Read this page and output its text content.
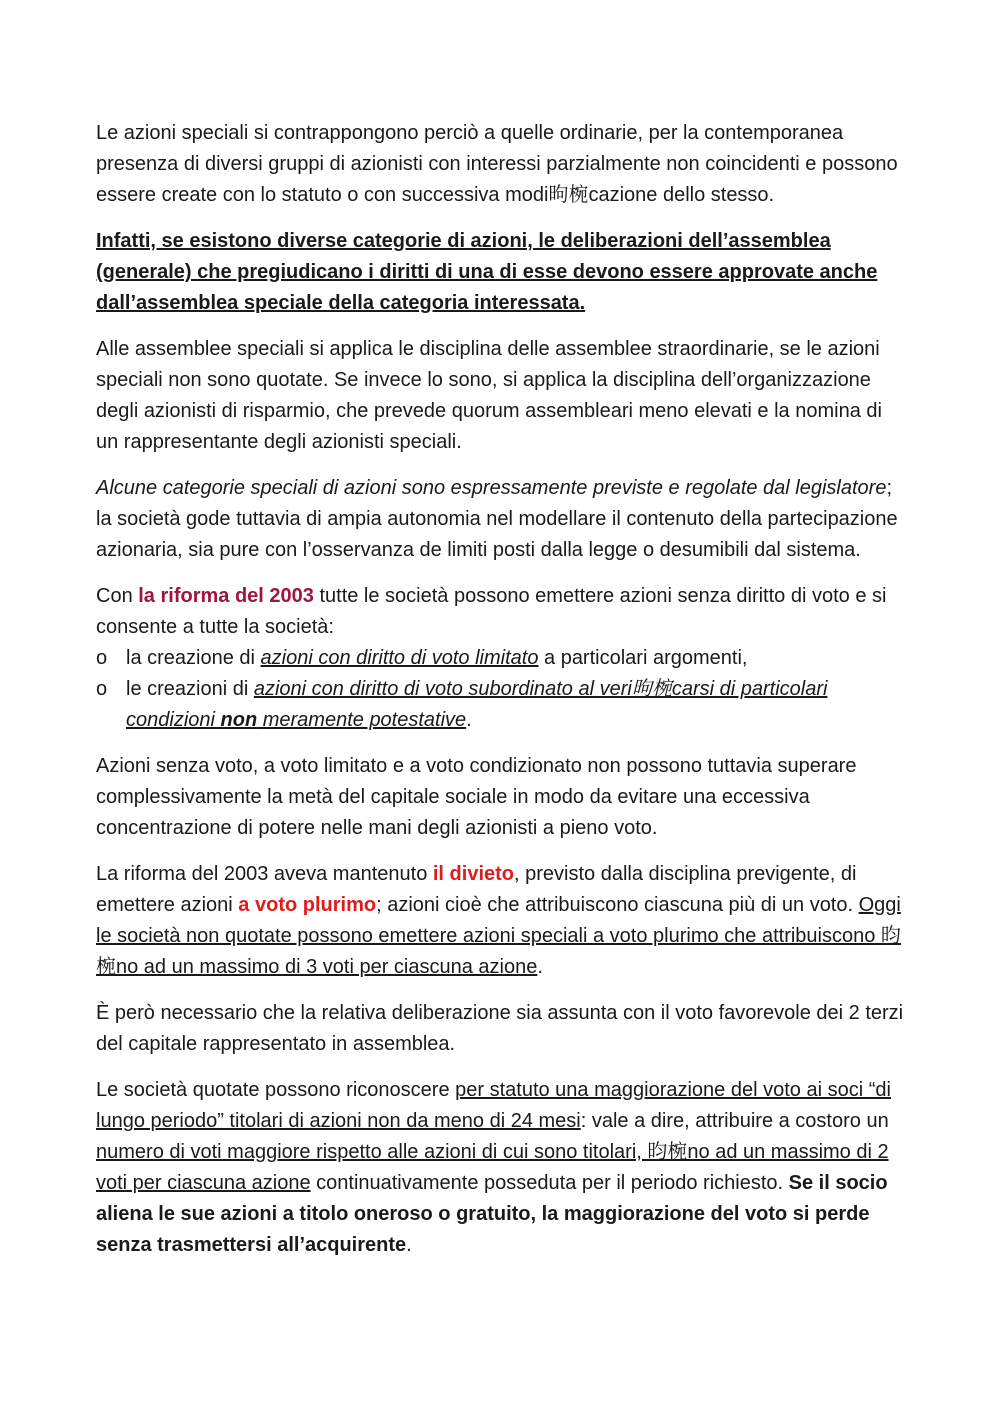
Le azioni speciali si contrappongono perciò a quelle ordinarie, per la contemporanea presenza di diversi gruppi di azionisti con interessi parzialmente non coincidenti e possono essere create con lo statuto o con successiva modi昫椀cazione dello stesso.

Infatti, se esistono diverse categorie di azioni, le deliberazioni dell’assemblea (generale) che pregiudicano i diritti di una di esse devono essere approvate anche dall’assemblea speciale della categoria interessata.

Alle assemblee speciali si applica le disciplina delle assemblee straordinarie, se le azioni speciali non sono quotate. Se invece lo sono, si applica la disciplina dell’organizzazione degli azionisti di risparmio, che prevede quorum assembleari meno elevati e la nomina di un rappresentante degli azionisti speciali.

Alcune categorie speciali di azioni sono espressamente previste e regolate dal legislatore; la società gode tuttavia di ampia autonomia nel modellare il contenuto della partecipazione azionaria, sia pure con l’osservanza de limiti posti dalla legge o desumibili dal sistema.

Con la riforma del 2003 tutte le società possono emettere azioni senza diritto di voto e si consente a tutte la società:

o la creazione di azioni con diritto di voto limitato a particolari argomenti,
o le creazioni di azioni con diritto di voto subordinato al veri昫椀carsi di particolari condizioni non meramente potestative.

Azioni senza voto, a voto limitato e a voto condizionato non possono tuttavia superare complessivamente la metà del capitale sociale in modo da evitare una eccessiva concentrazione di potere nelle mani degli azionisti a pieno voto.

La riforma del 2003 aveva mantenuto il divieto, previsto dalla disciplina previgente, di emettere azioni a voto plurimo; azioni cioè che attribuiscono ciascuna più di un voto. Oggi le società non quotate possono emettere azioni speciali a voto plurimo che attribuiscono 昀椀no ad un massimo di 3 voti per ciascuna azione.

È però necessario che la relativa deliberazione sia assunta con il voto favorevole dei 2 terzi del capitale rappresentato in assemblea.

Le società quotate possono riconoscere per statuto una maggiorazione del voto ai soci “di lungo periodo” titolari di azioni non da meno di 24 mesi: vale a dire, attribuire a costoro un numero di voti maggiore rispetto alle azioni di cui sono titolari, 昀椀no ad un massimo di 2 voti per ciascuna azione continuativamente posseduta per il periodo richiesto. Se il socio aliena le sue azioni a titolo oneroso o gratuito, la maggiorazione del voto si perde senza trasmettersi all’acquirente.
